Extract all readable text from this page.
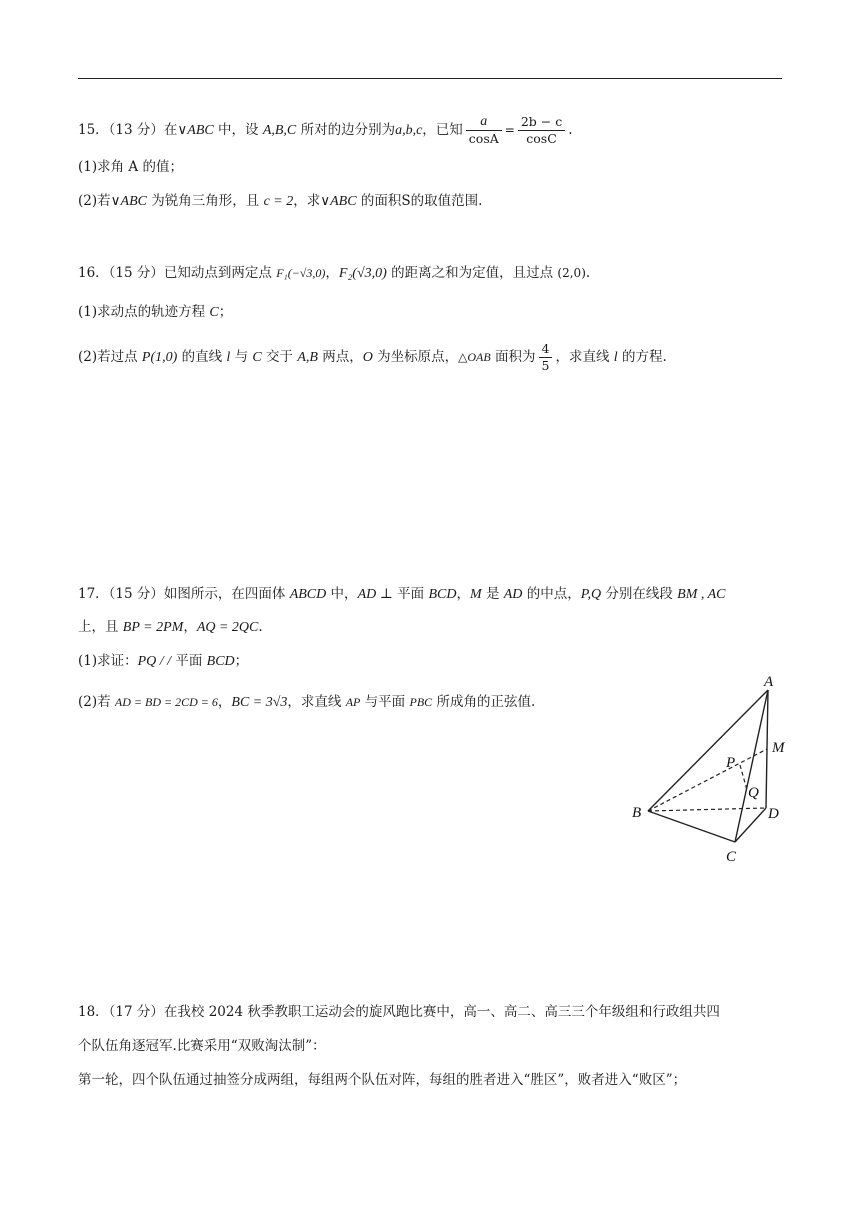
15．（13 分）在∨ABC 中，设 A,B,C 所对的边分别为a,b,c，已知 $\frac{a}{\cos A} = \frac{2b - c}{\cos C}$ .
(1)求角 A 的值；
(2)若∨ABC 为锐角三角形，且 c = 2，求∨ABC 的面积S的取值范围.
16．（15 分）已知动点到两定点 F₁(−√3,0)，F₂(√3,0) 的距离之和为定值，且过点 (2,0).
(1)求动点的轨迹方程 C；
(2)若过点 P(1,0) 的直线 l 与 C 交于 A,B 两点，O 为坐标原点，△OAB 面积为 $\frac{4}{5}$ ，求直线 l 的方程.
17．（15 分）如图所示，在四面体 ABCD 中，AD ⊥ 平面 BCD，M 是 AD 的中点，P,Q 分别在线段 BM , AC
上，且 BP = 2PM，AQ = 2QC.
(1)求证：PQ / / 平面 BCD；
(2)若 AD = BD = 2CD = 6，BC = 3√3，求直线 AP 与平面 PBC 所成角的正弦值.
A
M
P
Q
B	D
C
18．（17 分）在我校 2024 秋季教职工运动会的旋风跑比赛中，高一、高二、高三三个年级组和行政组共四
个队伍角逐冠军.比赛采用“双败淘汰制”：
第一轮，四个队伍通过抽签分成两组，每组两个队伍对阵，每组的胜者进入“胜区”，败者进入“败区”；
